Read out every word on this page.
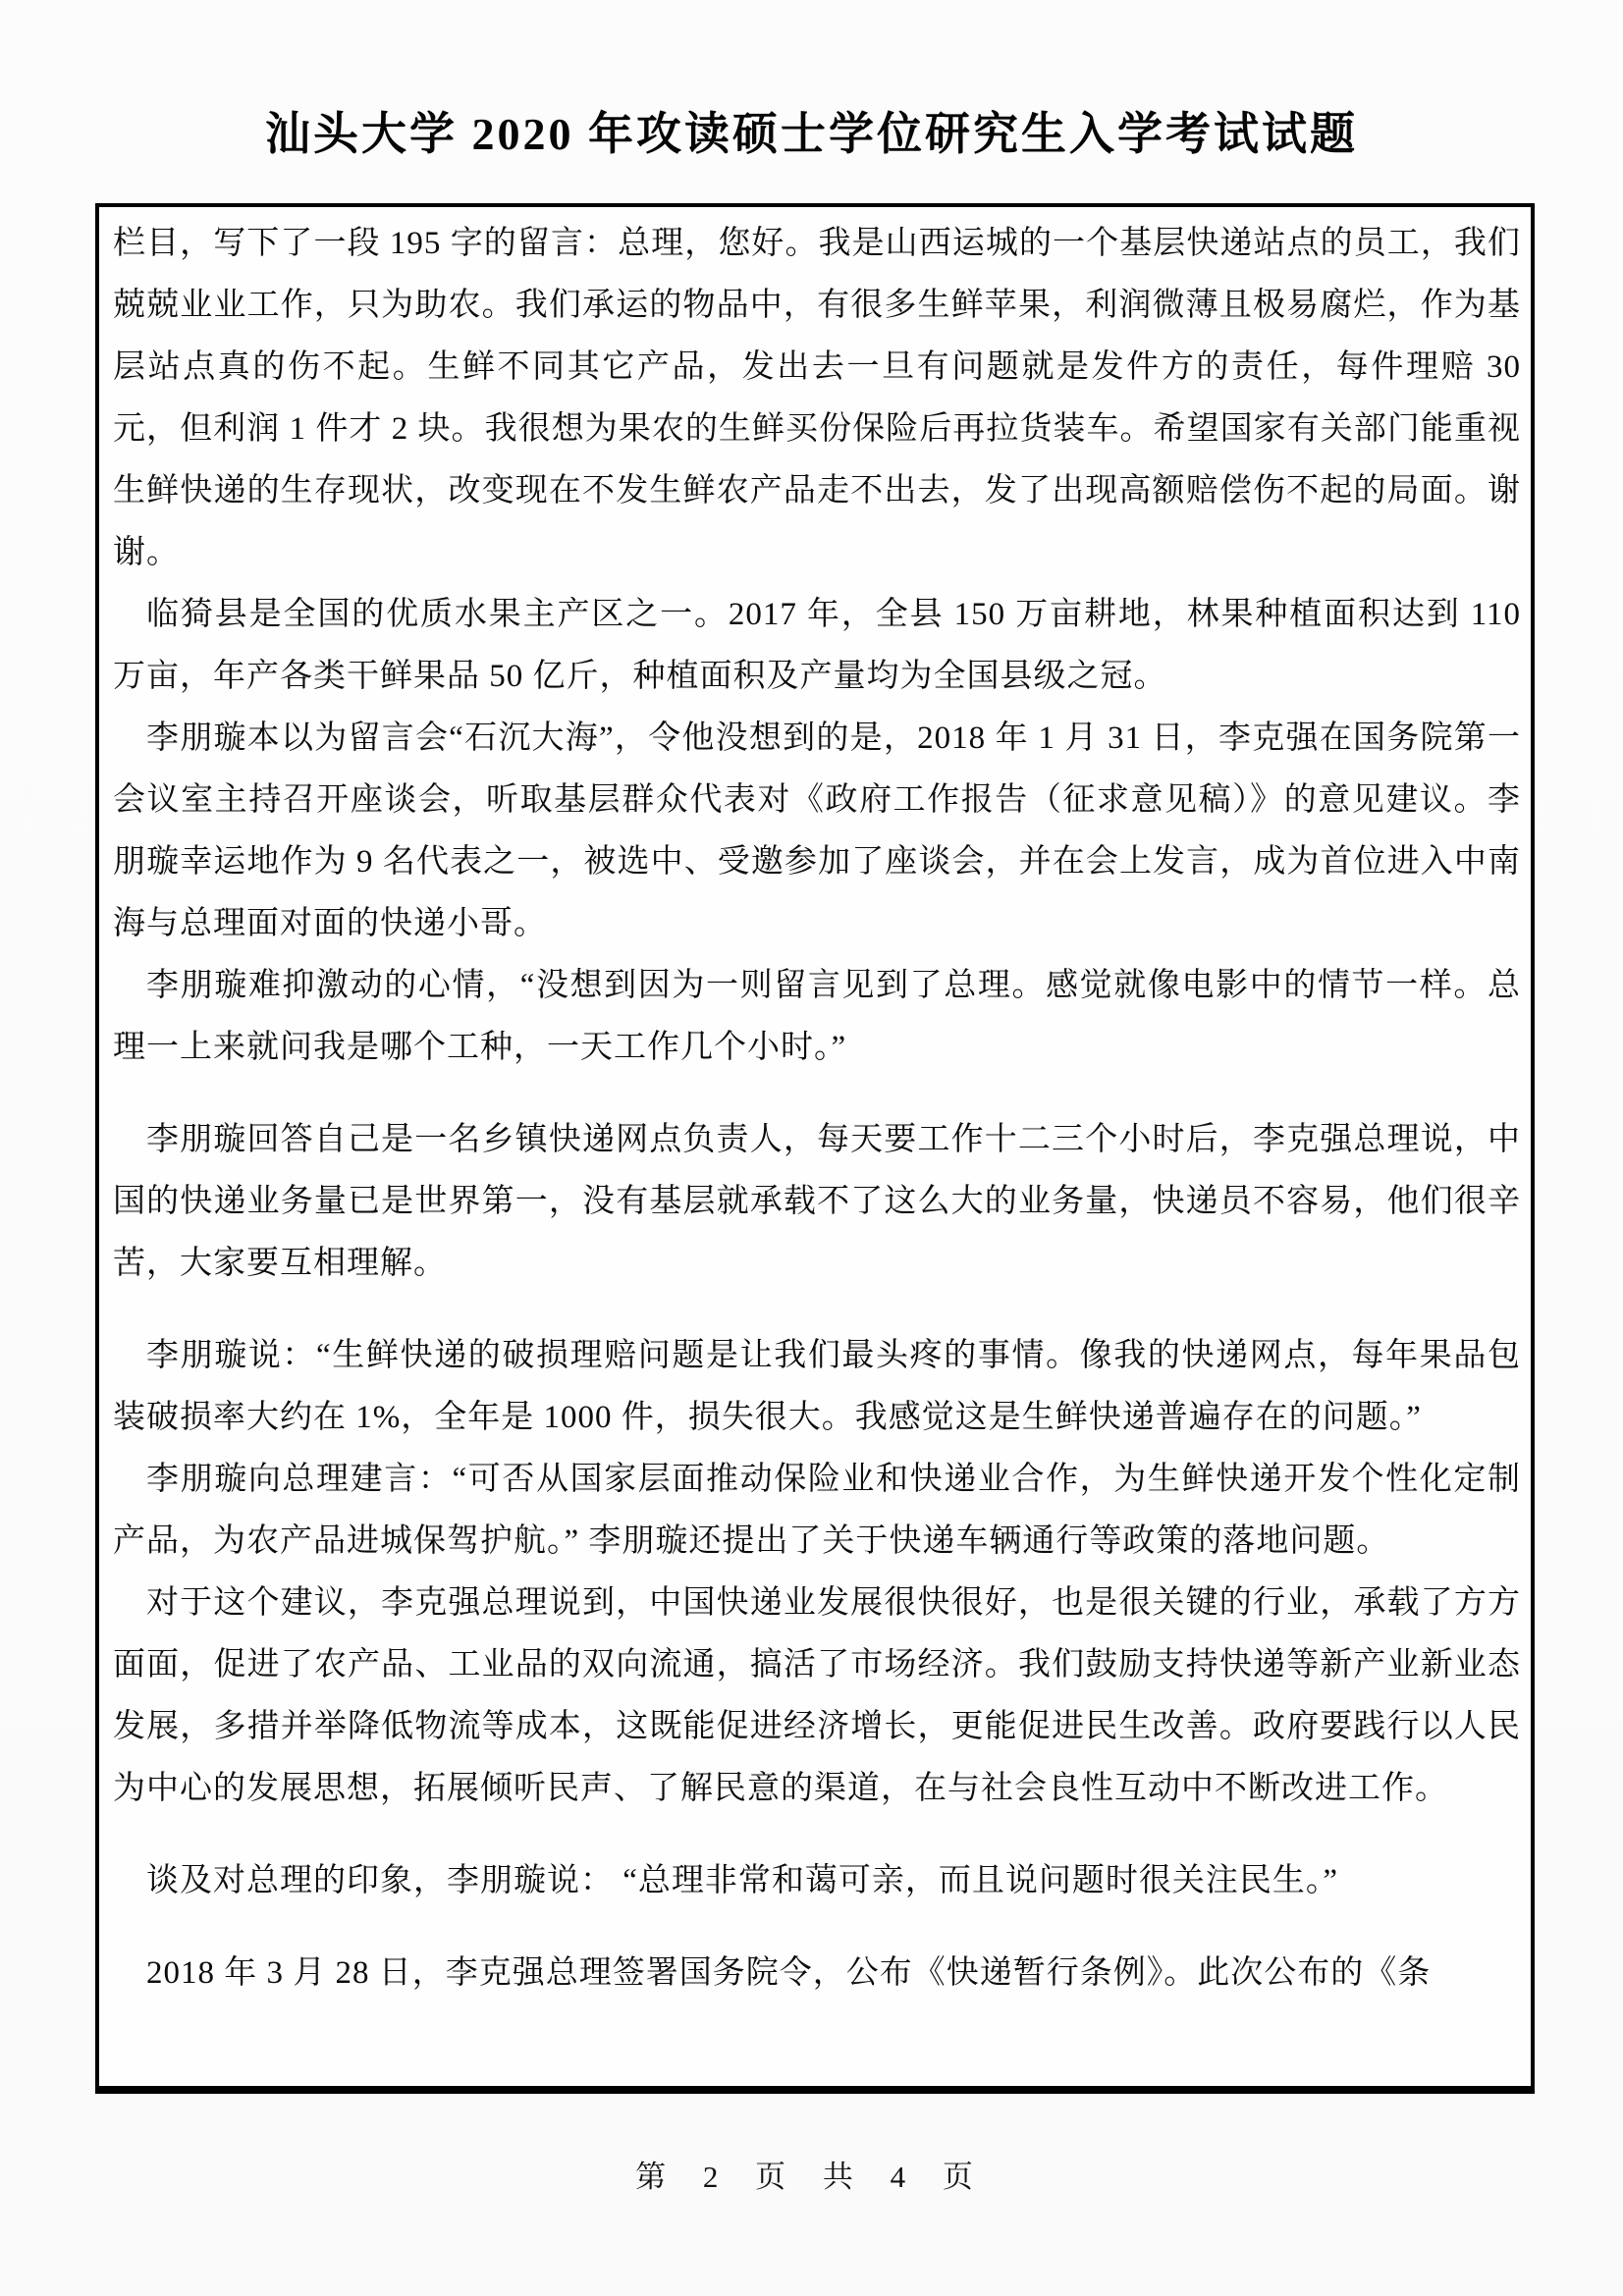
汕头大学 2020 年攻读硕士学位研究生入学考试试题

栏目，写下了一段 195 字的留言：总理，您好。我是山西运城的一个基层快递站点的员工，我们兢兢业业工作，只为助农。我们承运的物品中，有很多生鲜苹果，利润微薄且极易腐烂，作为基层站点真的伤不起。生鲜不同其它产品，发出去一旦有问题就是发件方的责任，每件理赔 30 元，但利润 1 件才 2 块。我很想为果农的生鲜买份保险后再拉货装车。希望国家有关部门能重视生鲜快递的生存现状，改变现在不发生鲜农产品走不出去，发了出现高额赔偿伤不起的局面。谢谢。

临猗县是全国的优质水果主产区之一。2017 年，全县 150 万亩耕地，林果种植面积达到 110 万亩，年产各类干鲜果品 50 亿斤，种植面积及产量均为全国县级之冠。

李朋璇本以为留言会“石沉大海”，令他没想到的是，2018 年 1 月 31 日，李克强在国务院第一会议室主持召开座谈会，听取基层群众代表对《政府工作报告（征求意见稿）》的意见建议。李朋璇幸运地作为 9 名代表之一，被选中、受邀参加了座谈会，并在会上发言，成为首位进入中南海与总理面对面的快递小哥。

李朋璇难抑激动的心情，“没想到因为一则留言见到了总理。感觉就像电影中的情节一样。总理一上来就问我是哪个工种，一天工作几个小时。”

李朋璇回答自己是一名乡镇快递网点负责人，每天要工作十二三个小时后，李克强总理说，中国的快递业务量已是世界第一，没有基层就承载不了这么大的业务量，快递员不容易，他们很辛苦，大家要互相理解。

李朋璇说：“生鲜快递的破损理赔问题是让我们最头疼的事情。像我的快递网点，每年果品包装破损率大约在 1%，全年是 1000 件，损失很大。我感觉这是生鲜快递普遍存在的问题。”

李朋璇向总理建言：“可否从国家层面推动保险业和快递业合作，为生鲜快递开发个性化定制产品，为农产品进城保驾护航。” 李朋璇还提出了关于快递车辆通行等政策的落地问题。

对于这个建议，李克强总理说到，中国快递业发展很快很好，也是很关键的行业，承载了方方面面，促进了农产品、工业品的双向流通，搞活了市场经济。我们鼓励支持快递等新产业新业态发展，多措并举降低物流等成本，这既能促进经济增长，更能促进民生改善。政府要践行以人民为中心的发展思想，拓展倾听民声、了解民意的渠道，在与社会良性互动中不断改进工作。

谈及对总理的印象，李朋璇说： “总理非常和蔼可亲，而且说问题时很关注民生。”

2018 年 3 月 28 日，李克强总理签署国务院令，公布《快递暂行条例》。此次公布的《条

第 2 页 共 4 页
